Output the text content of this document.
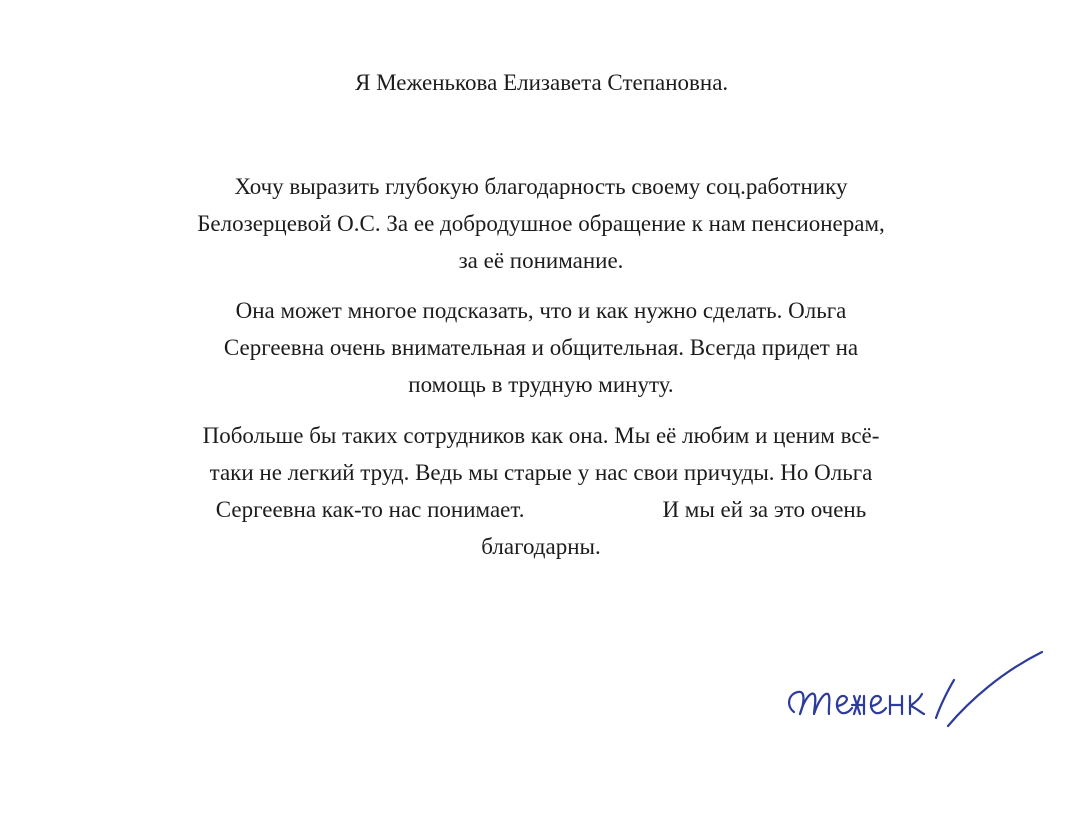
Я Меженькова Елизавета Степановна.
Хочу выразить глубокую благодарность своему соц.работнику
Белозерцевой О.С. За ее добродушное обращение к нам пенсионерам,
за её понимание.
Она может многое подсказать, что и как нужно сделать. Ольга
Сергеевна очень внимательная и общительная. Всегда придет на
помощь в трудную минуту.
Побольше бы таких сотрудников как она. Мы её любим и ценим всё-
таки не легкий труд. Ведь мы старые у нас свои причуды. Но Ольга
Сергеевна как-то нас понимает.                        И мы ей за это очень
благодарны.
